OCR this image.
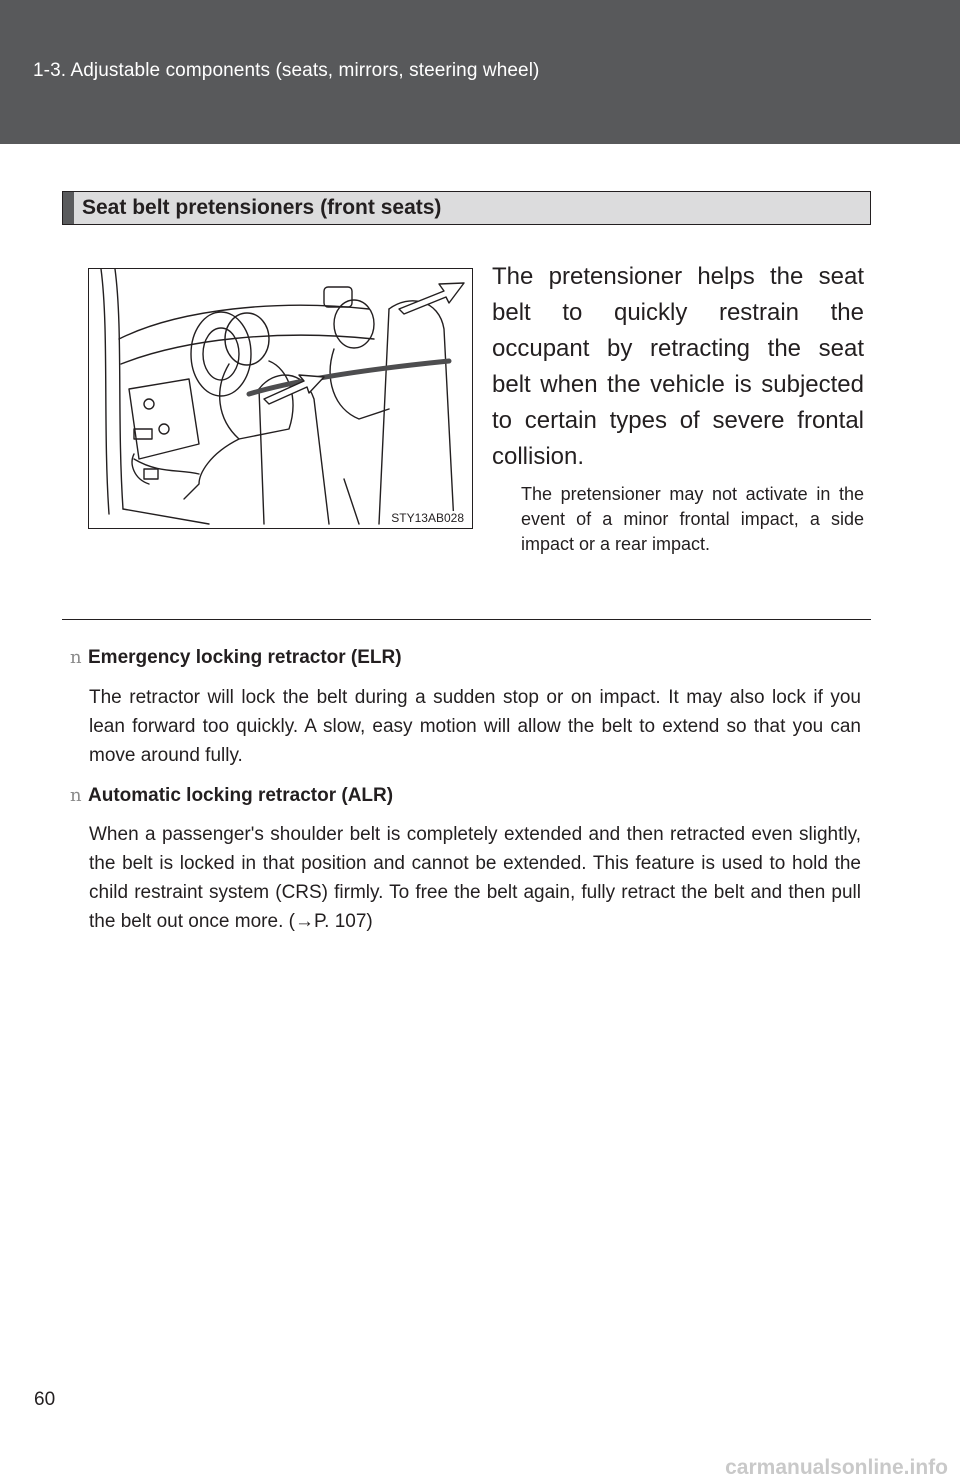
1-3. Adjustable components (seats, mirrors, steering wheel)
Seat belt pretensioners (front seats)
STY13AB028

The pretensioner helps the seat belt to quickly restrain the occupant by retracting the seat belt when the vehicle is subjected to certain types of severe frontal collision.

The pretensioner may not activate in the event of a minor frontal impact, a side impact or a rear impact.

n Emergency locking retractor (ELR)

The retractor will lock the belt during a sudden stop or on impact. It may also lock if you lean forward too quickly. A slow, easy motion will allow the belt to extend so that you can move around fully.

n Automatic locking retractor (ALR)

When a passenger's shoulder belt is completely extended and then retracted even slightly, the belt is locked in that position and cannot be extended. This feature is used to hold the child restraint system (CRS) firmly. To free the belt again, fully retract the belt and then pull the belt out once more. (→P. 107)

60
carmanualsonline.info
